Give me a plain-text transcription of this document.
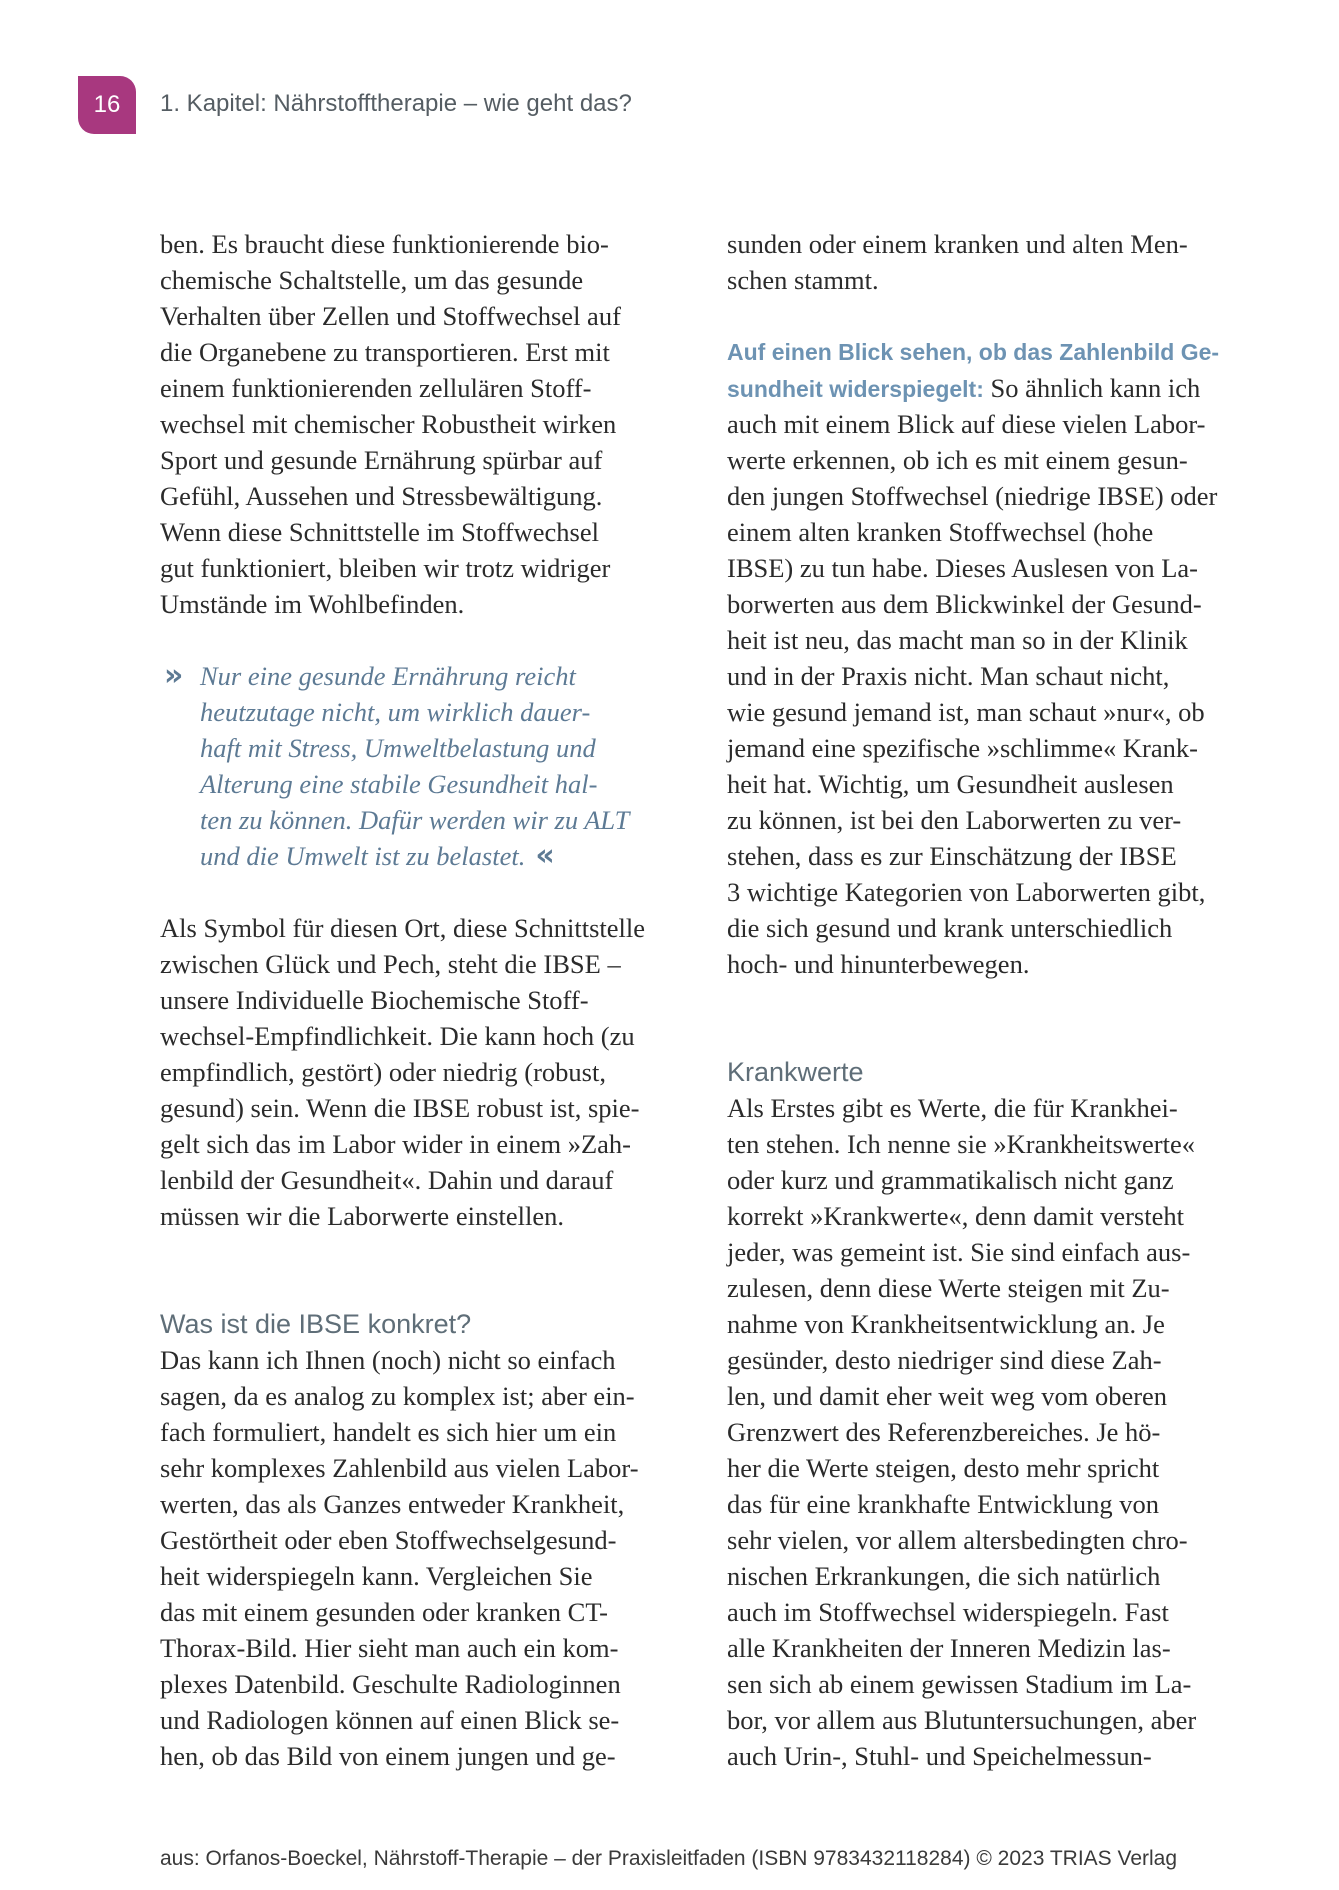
16 1. Kapitel: Nährstofftherapie – wie geht das?
ben. Es braucht diese funktionierende bio-
chemische Schaltstelle, um das gesunde
Verhalten über Zellen und Stoffwechsel auf
die Organebene zu transportieren. Erst mit
einem funktionierenden zellulären Stoff-
wechsel mit chemischer Robustheit wirken
Sport und gesunde Ernährung spürbar auf
Gefühl, Aussehen und Stressbewältigung.
Wenn diese Schnittstelle im Stoffwechsel
gut funktioniert, bleiben wir trotz widriger
Umstände im Wohlbefinden.
» Nur eine gesunde Ernährung reicht
heutzutage nicht, um wirklich dauer-
haft mit Stress, Umweltbelastung und
Alterung eine stabile Gesundheit hal-
ten zu können. Dafür werden wir zu ALT
und die Umwelt ist zu belastet. «
Als Symbol für diesen Ort, diese Schnittstelle
zwischen Glück und Pech, steht die IBSE –
unsere Individuelle Biochemische Stoff-
wechsel-Empfindlichkeit. Die kann hoch (zu
empfindlich, gestört) oder niedrig (robust,
gesund) sein. Wenn die IBSE robust ist, spie-
gelt sich das im Labor wider in einem »Zah-
lenbild der Gesundheit«. Dahin und darauf
müssen wir die Laborwerte einstellen.
Was ist die IBSE konkret?
Das kann ich Ihnen (noch) nicht so einfach
sagen, da es analog zu komplex ist; aber ein-
fach formuliert, handelt es sich hier um ein
sehr komplexes Zahlenbild aus vielen Labor-
werten, das als Ganzes entweder Krankheit,
Gestörtheit oder eben Stoffwechselgesund-
heit widerspiegeln kann. Vergleichen Sie
das mit einem gesunden oder kranken CT-
Thorax-Bild. Hier sieht man auch ein kom-
plexes Datenbild. Geschulte Radiologinnen
und Radiologen können auf einen Blick se-
hen, ob das Bild von einem jungen und ge-
sunden oder einem kranken und alten Men-
schen stammt.
Auf einen Blick sehen, ob das Zahlenbild Ge-
sundheit widerspiegelt: So ähnlich kann ich
auch mit einem Blick auf diese vielen Labor-
werte erkennen, ob ich es mit einem gesun-
den jungen Stoffwechsel (niedrige IBSE) oder
einem alten kranken Stoffwechsel (hohe
IBSE) zu tun habe. Dieses Auslesen von La-
borwerten aus dem Blickwinkel der Gesund-
heit ist neu, das macht man so in der Klinik
und in der Praxis nicht. Man schaut nicht,
wie gesund jemand ist, man schaut »nur«, ob
jemand eine spezifische »schlimme« Krank-
heit hat. Wichtig, um Gesundheit auslesen
zu können, ist bei den Laborwerten zu ver-
stehen, dass es zur Einschätzung der IBSE
3 wichtige Kategorien von Laborwerten gibt,
die sich gesund und krank unterschiedlich
hoch- und hinunterbewegen.
Krankwerte
Als Erstes gibt es Werte, die für Krankhei-
ten stehen. Ich nenne sie »Krankheitswerte«
oder kurz und grammatikalisch nicht ganz
korrekt »Krankwerte«, denn damit versteht
jeder, was gemeint ist. Sie sind einfach aus-
zulesen, denn diese Werte steigen mit Zu-
nahme von Krankheitsentwicklung an. Je
gesünder, desto niedriger sind diese Zah-
len, und damit eher weit weg vom oberen
Grenzwert des Referenzbereiches. Je hö-
her die Werte steigen, desto mehr spricht
das für eine krankhafte Entwicklung von
sehr vielen, vor allem altersbedingten chro-
nischen Erkrankungen, die sich natürlich
auch im Stoffwechsel widerspiegeln. Fast
alle Krankheiten der Inneren Medizin las-
sen sich ab einem gewissen Stadium im La-
bor, vor allem aus Blutuntersuchungen, aber
auch Urin-, Stuhl- und Speichelmessun-
aus: Orfanos-Boeckel, Nährstoff-Therapie – der Praxisleitfaden (ISBN 9783432118284) © 2023 TRIAS Verlag
